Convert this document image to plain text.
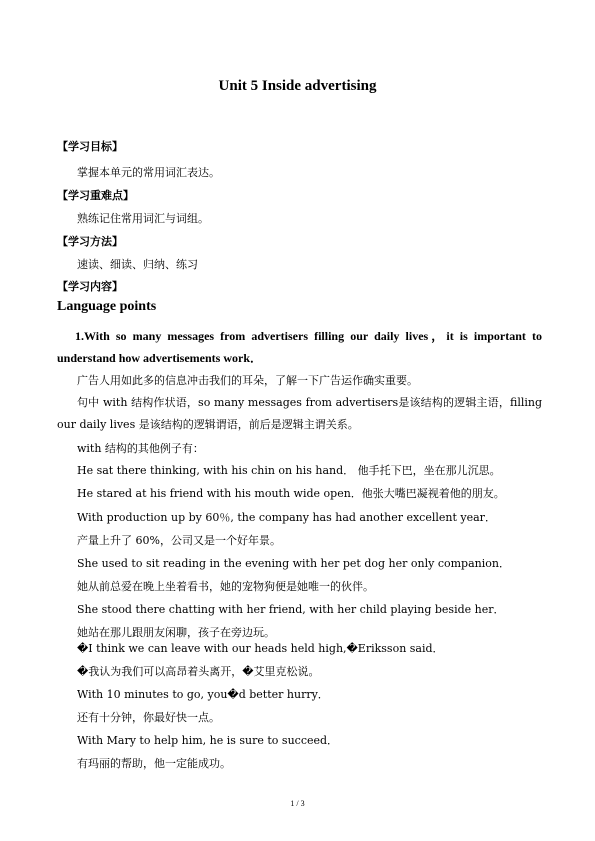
Unit 5 Inside advertising
【学习目标】
掌握本单元的常用词汇表达。
【学习重难点】
熟练记住常用词汇与词组。
【学习方法】
速读、细读、归纳、练习
【学习内容】
Language points
1.With so many messages from advertisers filling our daily lives，it is important to understand how advertisements work．
广告人用如此多的信息冲击我们的耳朵，了解一下广告运作确实重要。
句中 with 结构作状语，so many messages from advertisers是该结构的逻辑主语，filling our daily lives 是该结构的逻辑谓语，前后是逻辑主谓关系。
with 结构的其他例子有：
He sat there thinking, with his chin on his hand． 他手托下巴，坐在那儿沉思。
He stared at his friend with his mouth wide open．他张大嘴巴凝视着他的朋友。
With production up by 60％, the company has had another excellent year．
产量上升了 60%，公司又是一个好年景。
She used to sit reading in the evening with her pet dog her only companion．
她从前总爱在晚上坐着看书，她的宠物狗便是她唯一的伙伴。
She stood there chatting with her friend, with her child playing beside her．
她站在那儿跟朋友闲聊，孩子在旁边玩。
�I think we can leave with our heads held high,�Eriksson said．
�我认为我们可以高昂着头离开，�艾里克松说。
With 10 minutes to go, you�d better hurry．
还有十分钟，你最好快一点。
With Mary to help him, he is sure to succeed．
有玛丽的帮助，他一定能成功。
1 / 3
